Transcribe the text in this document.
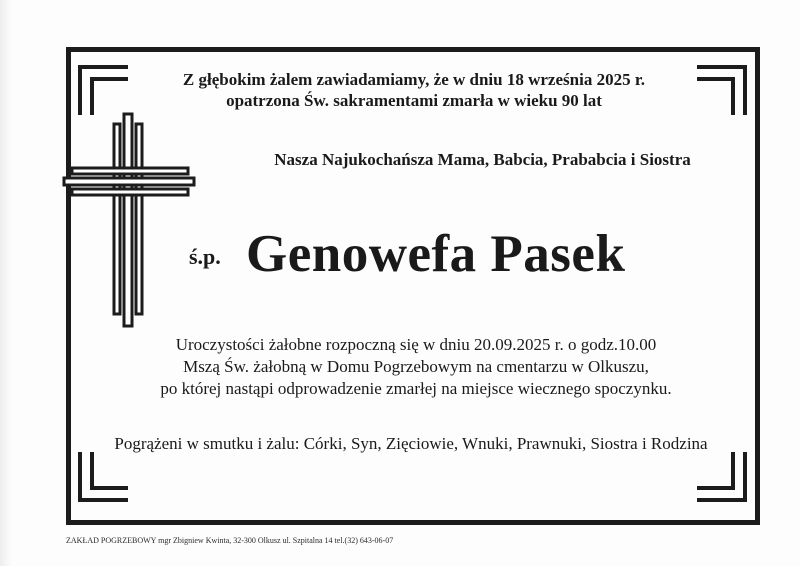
Z głębokim żalem zawiadamiamy, że w dniu 18 września 2025 r.
opatrzona Św. sakramentami zmarła w wieku 90 lat
Nasza Najukochańsza Mama, Babcia, Prababcia i Siostra
ś.p. Genowefa Pasek
Uroczystości żałobne rozpoczną się w dniu 20.09.2025 r. o godz.10.00
Mszą Św. żałobną w Domu Pogrzebowym na cmentarzu w Olkuszu,
po której nastąpi odprowadzenie zmarłej na miejsce wiecznego spoczynku.
Pogrążeni w smutku i żalu: Córki, Syn, Zięciowie, Wnuki, Prawnuki, Siostra i Rodzina
ZAKŁAD POGRZEBOWY mgr Zbigniew Kwinta, 32-300 Olkusz ul. Szpitalna 14 tel.(32) 643-06-07
